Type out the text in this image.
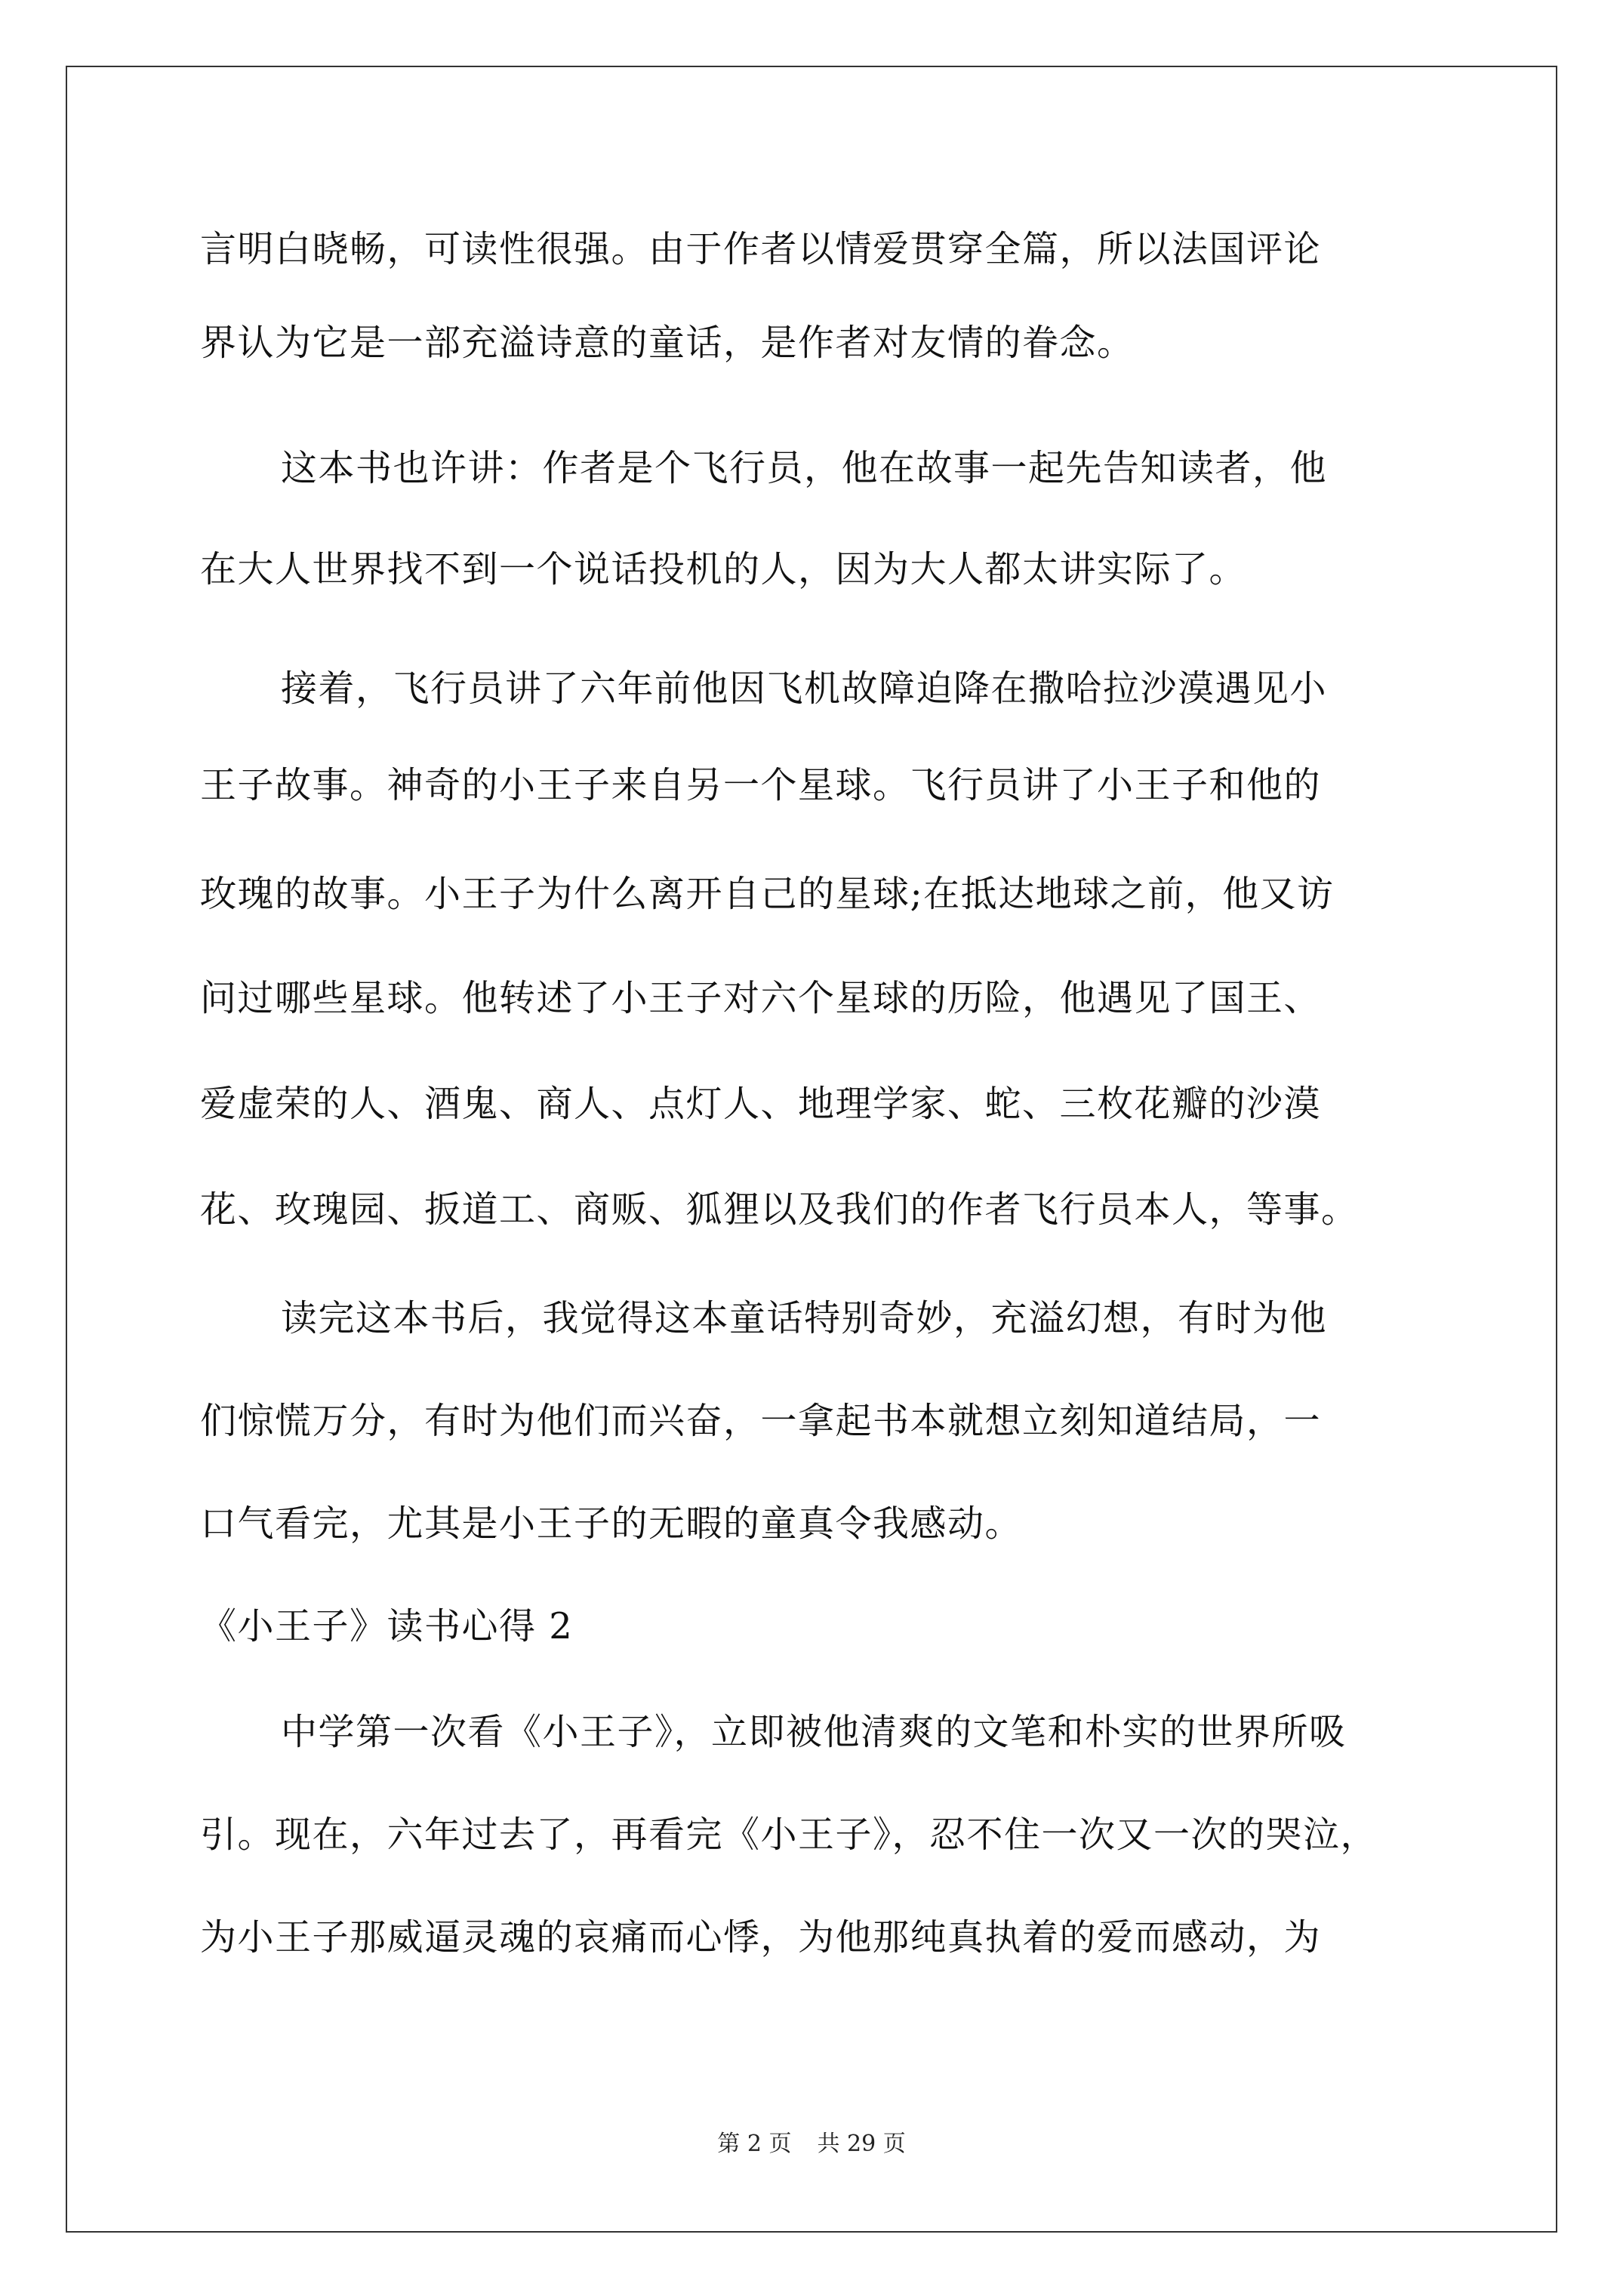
言明白晓畅，可读性很强。由于作者以情爱贯穿全篇，所以法国评论
界认为它是一部充溢诗意的童话，是作者对友情的眷念。
这本书也许讲：作者是个飞行员，他在故事一起先告知读者，他
在大人世界找不到一个说话投机的人，因为大人都太讲实际了。
接着，飞行员讲了六年前他因飞机故障迫降在撒哈拉沙漠遇见小
王子故事。神奇的小王子来自另一个星球。飞行员讲了小王子和他的
玫瑰的故事。小王子为什么离开自己的星球;在抵达地球之前，他又访
问过哪些星球。他转述了小王子对六个星球的历险，他遇见了国王、
爱虚荣的人、酒鬼、商人、点灯人、地理学家、蛇、三枚花瓣的沙漠
花、玫瑰园、扳道工、商贩、狐狸以及我们的作者飞行员本人，等事。
读完这本书后，我觉得这本童话特别奇妙，充溢幻想，有时为他
们惊慌万分，有时为他们而兴奋，一拿起书本就想立刻知道结局，一
口气看完，尤其是小王子的无暇的童真令我感动。
《小王子》读书心得 2
中学第一次看《小王子》，立即被他清爽的文笔和朴实的世界所吸
引。现在，六年过去了，再看完《小王子》，忍不住一次又一次的哭泣，
为小王子那威逼灵魂的哀痛而心悸，为他那纯真执着的爱而感动，为
第 2 页 共 29 页
